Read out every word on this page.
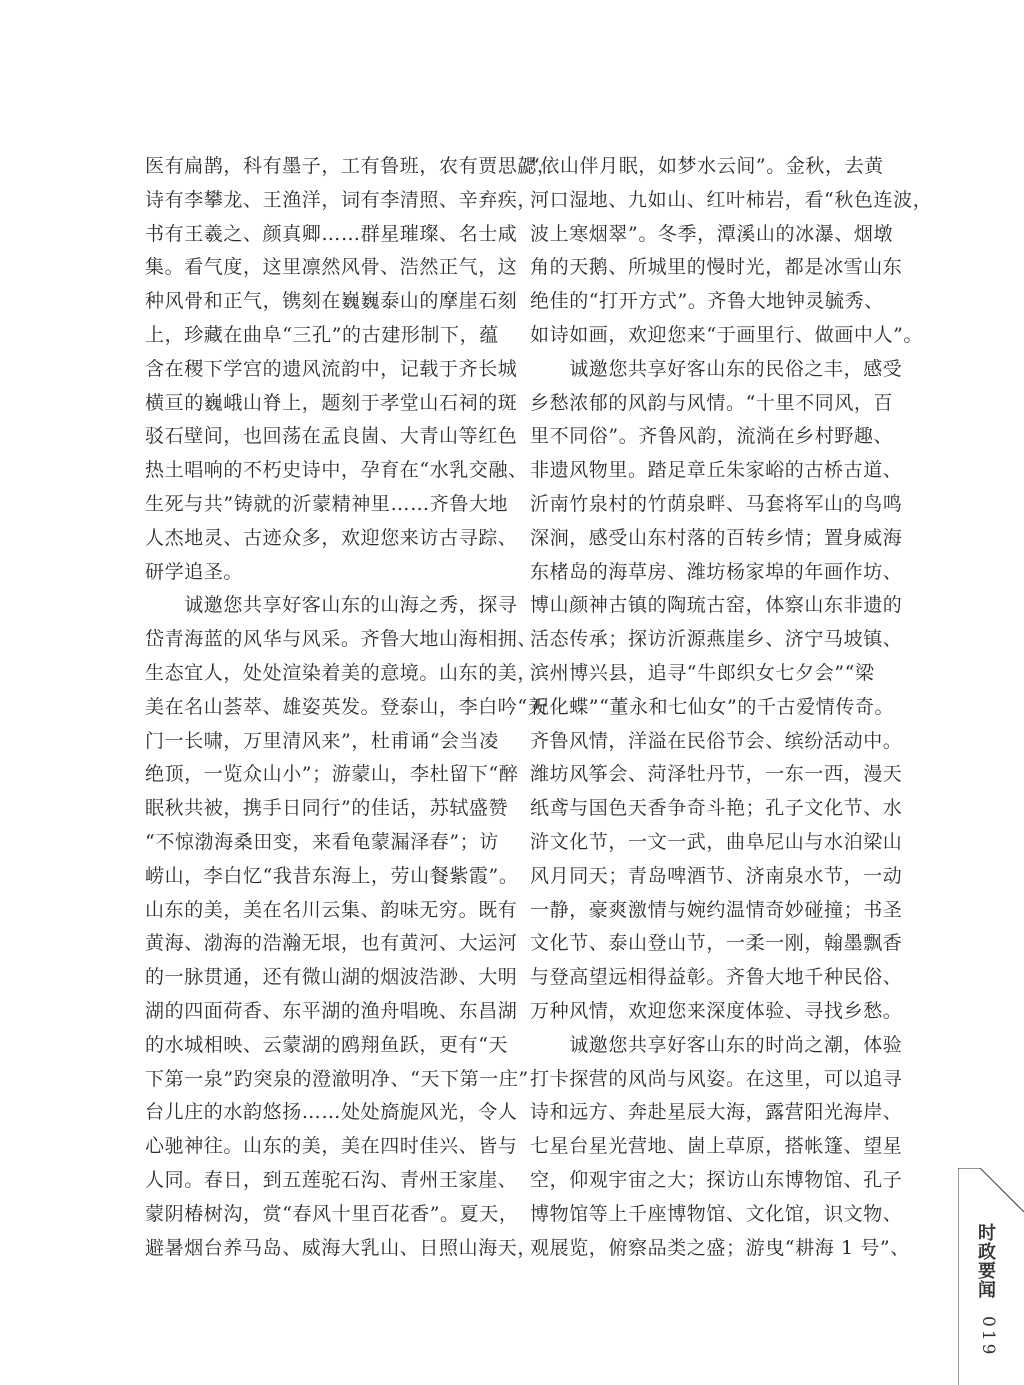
医有扁鹊，科有墨子，工有鲁班，农有贾思勰，
诗有李攀龙、王渔洋，词有李清照、辛弃疾，
书有王羲之、颜真卿……群星璀璨、名士咸
集。看气度，这里凛然风骨、浩然正气，这
种风骨和正气，镌刻在巍巍泰山的摩崖石刻
上，珍藏在曲阜“三孔”的古建形制下，蕴
含在稷下学宫的遗风流韵中，记载于齐长城
横亘的巍峨山脊上，题刻于孝堂山石祠的斑
驳石壁间，也回荡在孟良崮、大青山等红色
热土唱响的不朽史诗中，孕育在“水乳交融、
生死与共”铸就的沂蒙精神里……齐鲁大地
人杰地灵、古迹众多，欢迎您来访古寻踪、
研学追圣。
　　诚邀您共享好客山东的山海之秀，探寻
岱青海蓝的风华与风采。齐鲁大地山海相拥、
生态宜人，处处渲染着美的意境。山东的美，
美在名山荟萃、雄姿英发。登泰山，李白吟“天
门一长啸，万里清风来”，杜甫诵“会当凌
绝顶，一览众山小”；游蒙山，李杜留下“醉
眠秋共被，携手日同行”的佳话，苏轼盛赞
“不惊渤海桑田变，来看龟蒙漏泽春”；访
崂山，李白忆“我昔东海上，劳山餐紫霞”。
山东的美，美在名川云集、韵味无穷。既有
黄海、渤海的浩瀚无垠，也有黄河、大运河
的一脉贯通，还有微山湖的烟波浩渺、大明
湖的四面荷香、东平湖的渔舟唱晚、东昌湖
的水城相映、云蒙湖的鸥翔鱼跃，更有“天
下第一泉”趵突泉的澄澈明净、“天下第一庄”
台儿庄的水韵悠扬……处处旖旎风光，令人
心驰神往。山东的美，美在四时佳兴、皆与
人同。春日，到五莲驼石沟、青州王家崖、
蒙阴椿树沟，赏“春风十里百花香”。夏天，
避暑烟台养马岛、威海大乳山、日照山海天，
“依山伴月眠，如梦水云间”。金秋，去黄
河口湿地、九如山、红叶柿岩，看“秋色连波，
波上寒烟翠”。冬季，潭溪山的冰瀑、烟墩
角的天鹅、所城里的慢时光，都是冰雪山东
绝佳的“打开方式”。齐鲁大地钟灵毓秀、
如诗如画，欢迎您来“于画里行、做画中人”。
　　诚邀您共享好客山东的民俗之丰，感受
乡愁浓郁的风韵与风情。“十里不同风，百
里不同俗”。齐鲁风韵，流淌在乡村野趣、
非遗风物里。踏足章丘朱家峪的古桥古道、
沂南竹泉村的竹荫泉畔、马套将军山的鸟鸣
深涧，感受山东村落的百转乡情；置身威海
东楮岛的海草房、潍坊杨家埠的年画作坊、
博山颜神古镇的陶琉古窑，体察山东非遗的
活态传承；探访沂源燕崖乡、济宁马坡镇、
滨州博兴县，追寻“牛郎织女七夕会”“梁
祝化蝶”“董永和七仙女”的千古爱情传奇。
齐鲁风情，洋溢在民俗节会、缤纷活动中。
潍坊风筝会、菏泽牡丹节，一东一西，漫天
纸鸢与国色天香争奇斗艳；孔子文化节、水
浒文化节，一文一武，曲阜尼山与水泊梁山
风月同天；青岛啤酒节、济南泉水节，一动
一静，豪爽激情与婉约温情奇妙碰撞；书圣
文化节、泰山登山节，一柔一刚，翰墨飘香
与登高望远相得益彰。齐鲁大地千种民俗、
万种风情，欢迎您来深度体验、寻找乡愁。
　　诚邀您共享好客山东的时尚之潮，体验
打卡探营的风尚与风姿。在这里，可以追寻
诗和远方、奔赴星辰大海，露营阳光海岸、
七星台星光营地、崮上草原，搭帐篷、望星
空，仰观宇宙之大；探访山东博物馆、孔子
博物馆等上千座博物馆、文化馆，识文物、
观展览，俯察品类之盛；游曳“耕海 1 号”、	时政要闻
019
